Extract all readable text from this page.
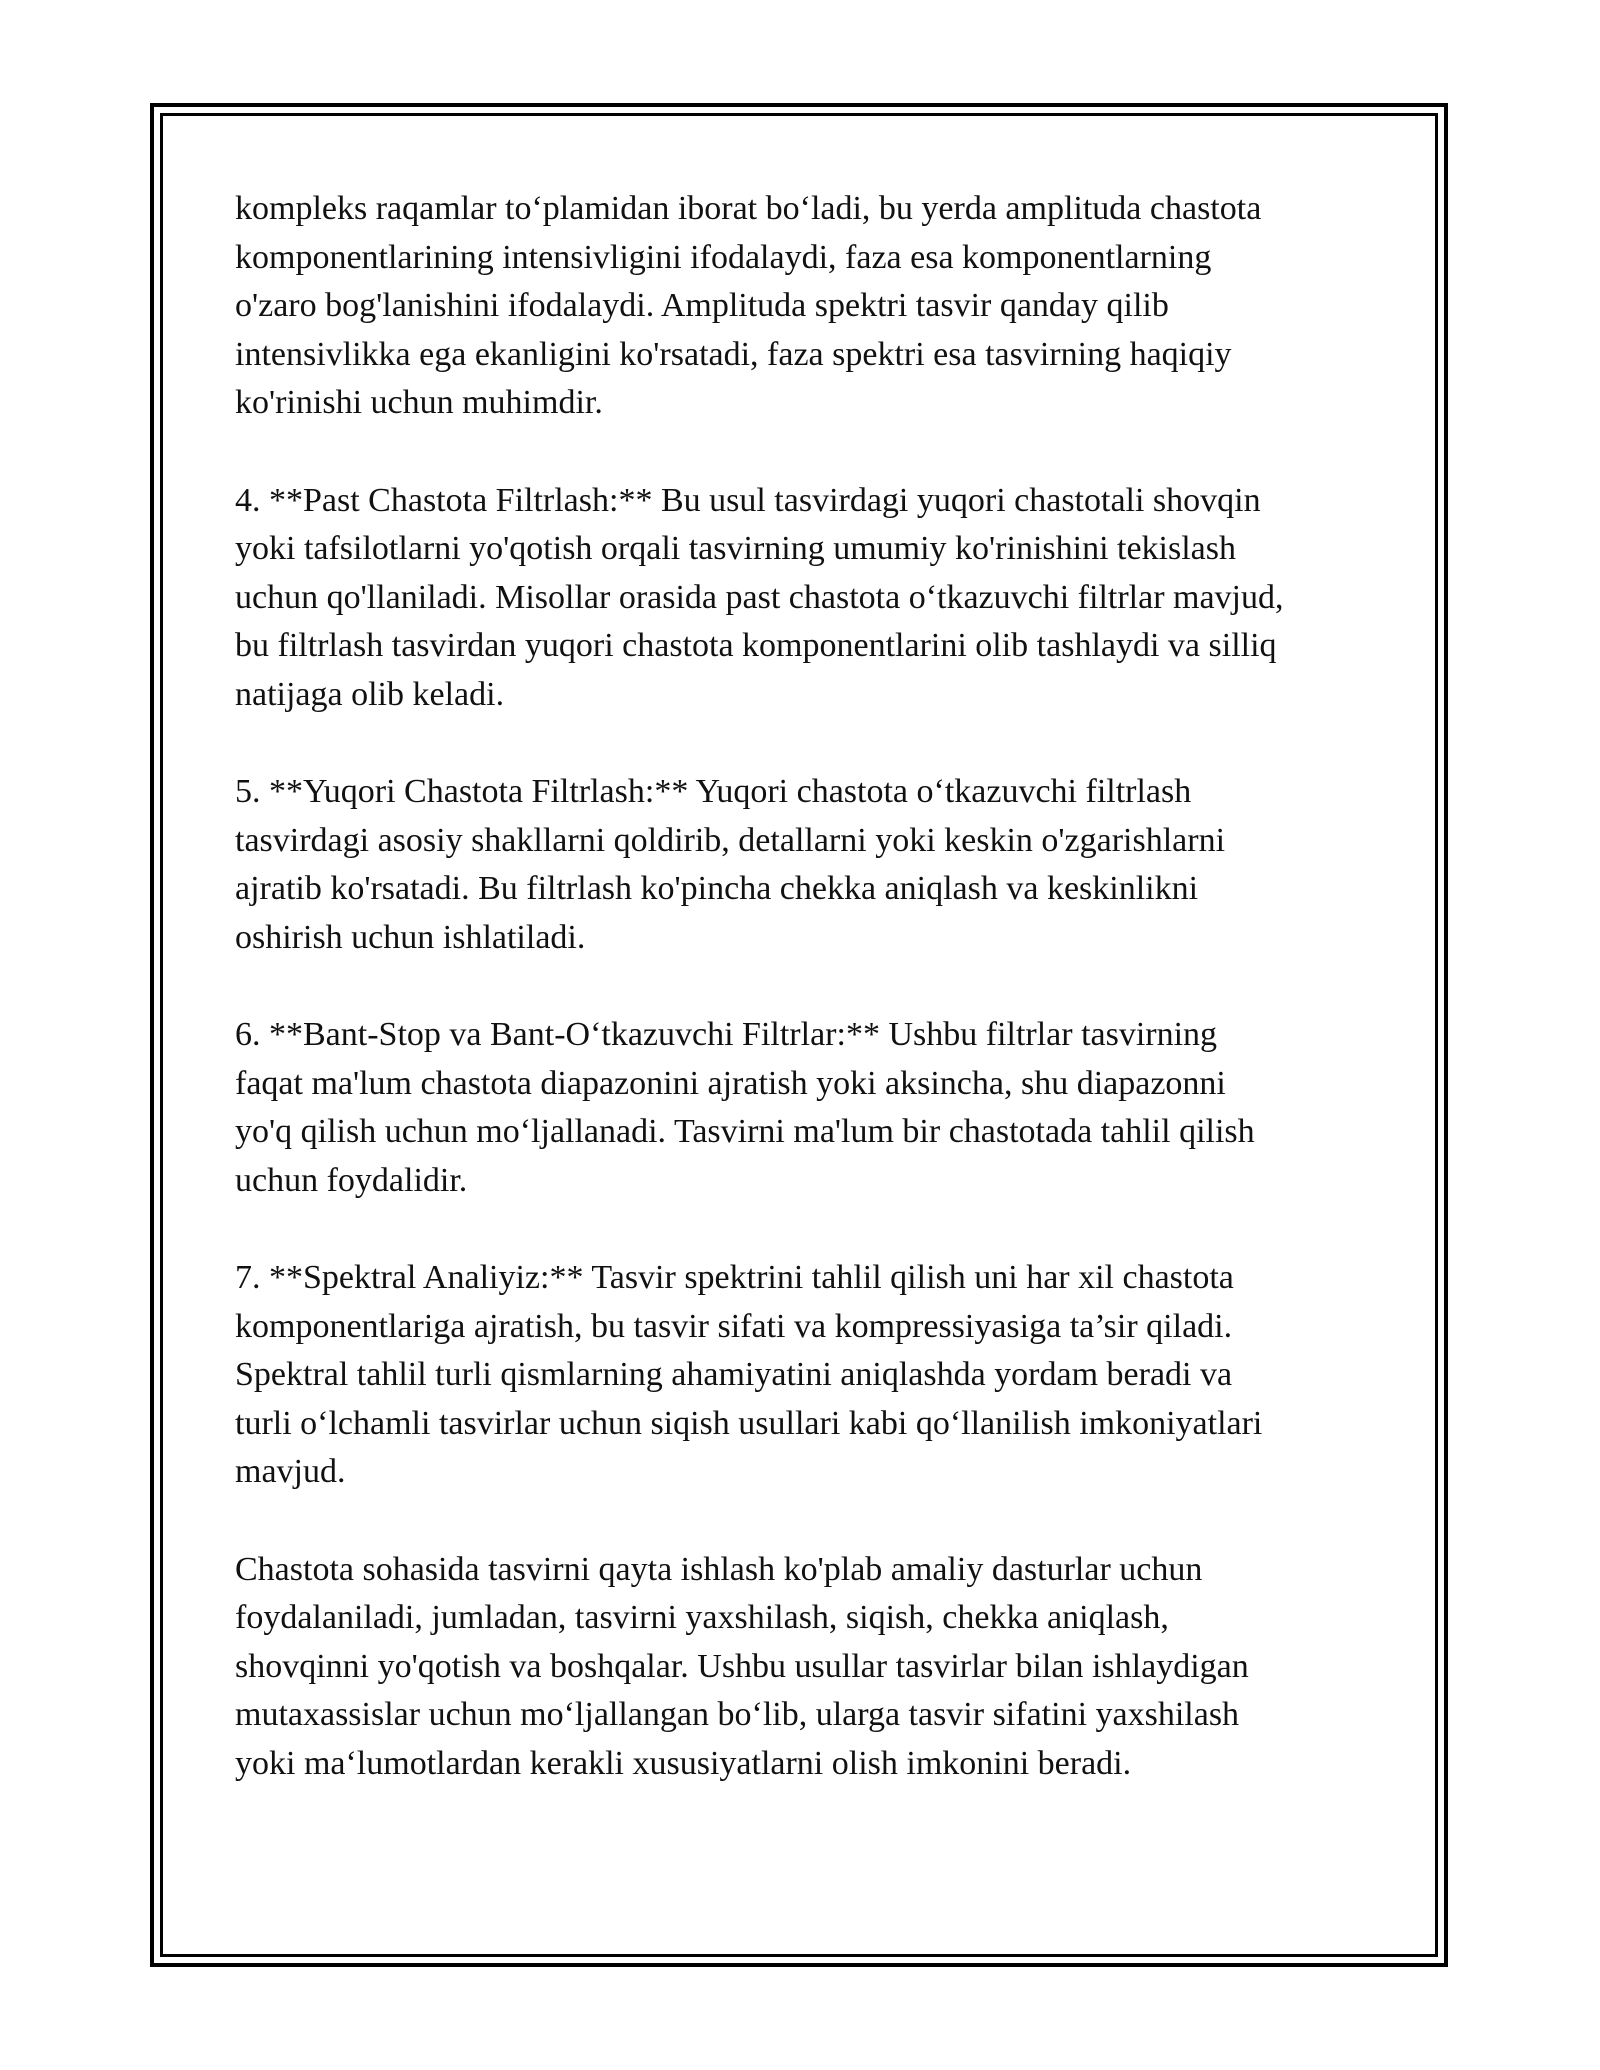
kompleks raqamlar to‘plamidan iborat bo‘ladi, bu yerda amplituda chastota
komponentlarining intensivligini ifodalaydi, faza esa komponentlarning
o'zaro bog'lanishini ifodalaydi. Amplituda spektri tasvir qanday qilib
intensivlikka ega ekanligini ko'rsatadi, faza spektri esa tasvirning haqiqiy
ko'rinishi uchun muhimdir.

4. **Past Chastota Filtrlash:** Bu usul tasvirdagi yuqori chastotali shovqin
yoki tafsilotlarni yo'qotish orqali tasvirning umumiy ko'rinishini tekislash
uchun qo'llaniladi. Misollar orasida past chastota o‘tkazuvchi filtrlar mavjud,
bu filtrlash tasvirdan yuqori chastota komponentlarini olib tashlaydi va silliq
natijaga olib keladi.

5. **Yuqori Chastota Filtrlash:** Yuqori chastota o‘tkazuvchi filtrlash
tasvirdagi asosiy shakllarni qoldirib, detallarni yoki keskin o'zgarishlarni
ajratib ko'rsatadi. Bu filtrlash ko'pincha chekka aniqlash va keskinlikni
oshirish uchun ishlatiladi.

6. **Bant-Stop va Bant-O‘tkazuvchi Filtrlar:** Ushbu filtrlar tasvirning
faqat ma'lum chastota diapazonini ajratish yoki aksincha, shu diapazonni
yo'q qilish uchun mo‘ljallanadi. Tasvirni ma'lum bir chastotada tahlil qilish
uchun foydalidir.

7. **Spektral Analiyiz:** Tasvir spektrini tahlil qilish uni har xil chastota
komponentlariga ajratish, bu tasvir sifati va kompressiyasiga ta’sir qiladi.
Spektral tahlil turli qismlarning ahamiyatini aniqlashda yordam beradi va
turli o‘lchamli tasvirlar uchun siqish usullari kabi qo‘llanilish imkoniyatlari
mavjud.

Chastota sohasida tasvirni qayta ishlash ko'plab amaliy dasturlar uchun
foydalaniladi, jumladan, tasvirni yaxshilash, siqish, chekka aniqlash,
shovqinni yo'qotish va boshqalar. Ushbu usullar tasvirlar bilan ishlaydigan
mutaxassislar uchun mo‘ljallangan bo‘lib, ularga tasvir sifatini yaxshilash
yoki ma‘lumotlardan kerakli xususiyatlarni olish imkonini beradi.
